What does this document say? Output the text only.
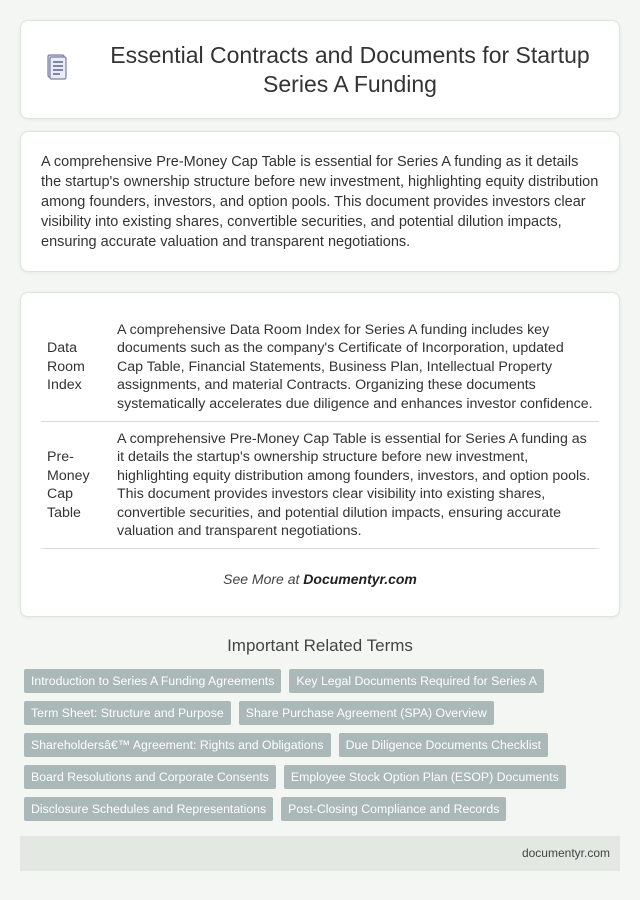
Essential Contracts and Documents for Startup Series A Funding

A comprehensive Pre-Money Cap Table is essential for Series A funding as it details the startup's ownership structure before new investment, highlighting equity distribution among founders, investors, and option pools. This document provides investors clear visibility into existing shares, convertible securities, and potential dilution impacts, ensuring accurate valuation and transparent negotiations.

Data Room Index	A comprehensive Data Room Index for Series A funding includes key documents such as the company's Certificate of Incorporation, updated Cap Table, Financial Statements, Business Plan, Intellectual Property assignments, and material Contracts. Organizing these documents systematically accelerates due diligence and enhances investor confidence.
Pre-Money Cap Table	A comprehensive Pre-Money Cap Table is essential for Series A funding as it details the startup's ownership structure before new investment, highlighting equity distribution among founders, investors, and option pools. This document provides investors clear visibility into existing shares, convertible securities, and potential dilution impacts, ensuring accurate valuation and transparent negotiations.

See More at Documentyr.com

Important Related Terms
Introduction to Series A Funding Agreements	Key Legal Documents Required for Series A
Term Sheet: Structure and Purpose	Share Purchase Agreement (SPA) Overview
Shareholdersâ€™ Agreement: Rights and Obligations	Due Diligence Documents Checklist
Board Resolutions and Corporate Consents	Employee Stock Option Plan (ESOP) Documents
Disclosure Schedules and Representations	Post-Closing Compliance and Records
documentyr.com
